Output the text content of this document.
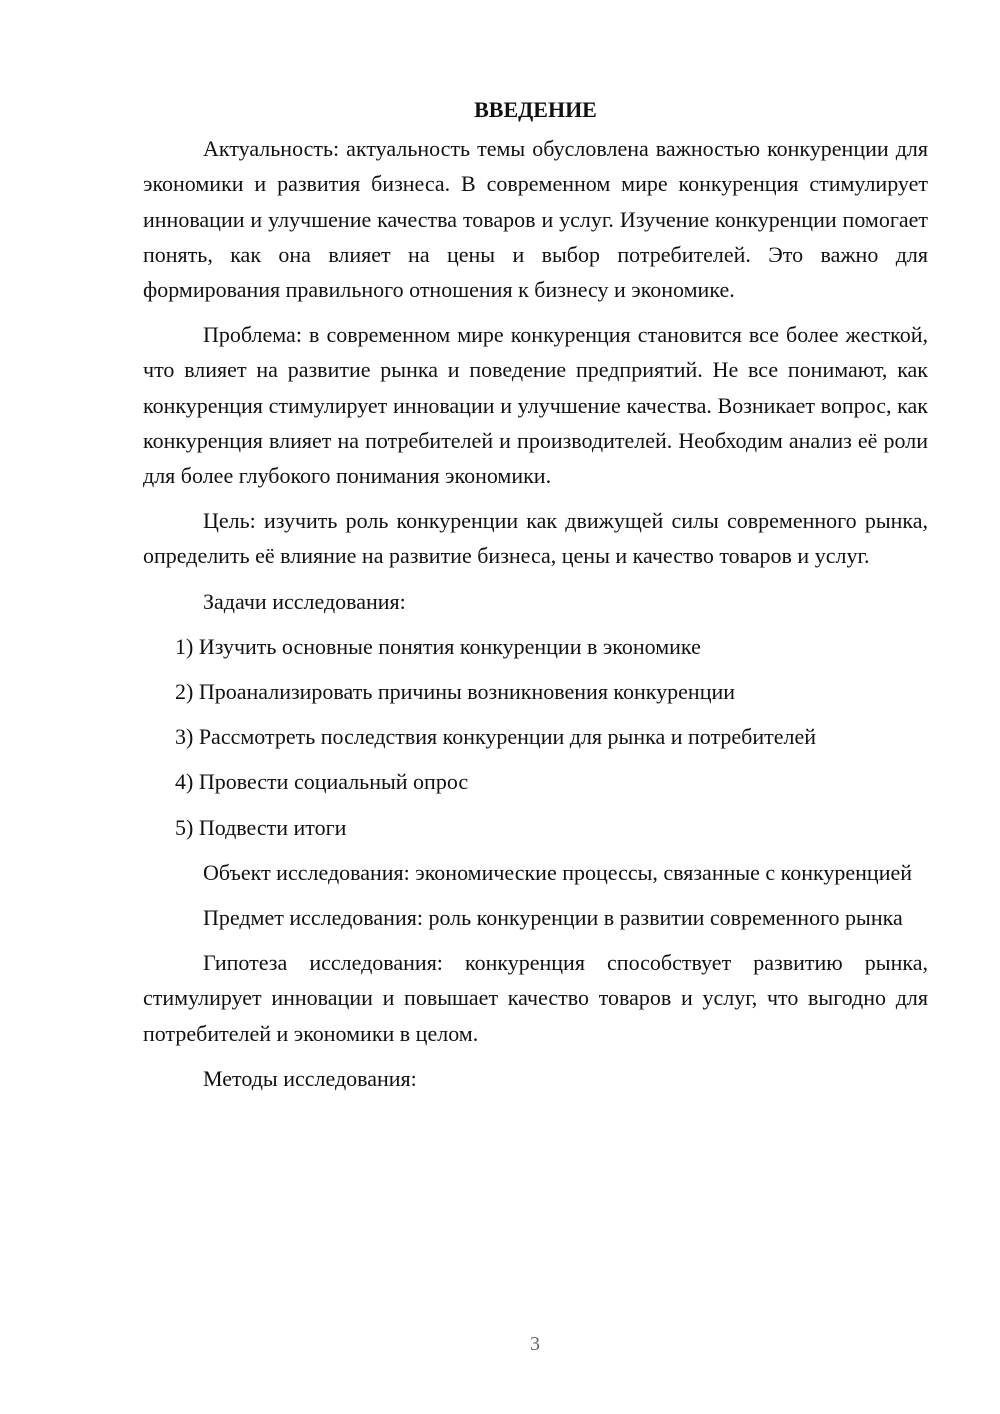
ВВЕДЕНИЕ

Актуальность: актуальность темы обусловлена важностью конкуренции для экономики и развития бизнеса. В современном мире конкуренция стимулирует инновации и улучшение качества товаров и услуг. Изучение конкуренции помогает понять, как она влияет на цены и выбор потребителей. Это важно для формирования правильного отношения к бизнесу и экономике.

Проблема: в современном мире конкуренция становится все более жесткой, что влияет на развитие рынка и поведение предприятий. Не все понимают, как конкуренция стимулирует инновации и улучшение качества. Возникает вопрос, как конкуренция влияет на потребителей и производителей. Необходим анализ её роли для более глубокого понимания экономики.

Цель: изучить роль конкуренции как движущей силы современного рынка, определить её влияние на развитие бизнеса, цены и качество товаров и услуг.

Задачи исследования:

1) Изучить основные понятия конкуренции в экономике
2) Проанализировать причины возникновения конкуренции
3) Рассмотреть последствия конкуренции для рынка и потребителей
4) Провести социальный опрос
5) Подвести итоги

Объект исследования: экономические процессы, связанные с конкуренцией

Предмет исследования: роль конкуренции в развитии современного рынка

Гипотеза исследования: конкуренция способствует развитию рынка, стимулирует инновации и повышает качество товаров и услуг, что выгодно для потребителей и экономики в целом.

Методы исследования:

3
